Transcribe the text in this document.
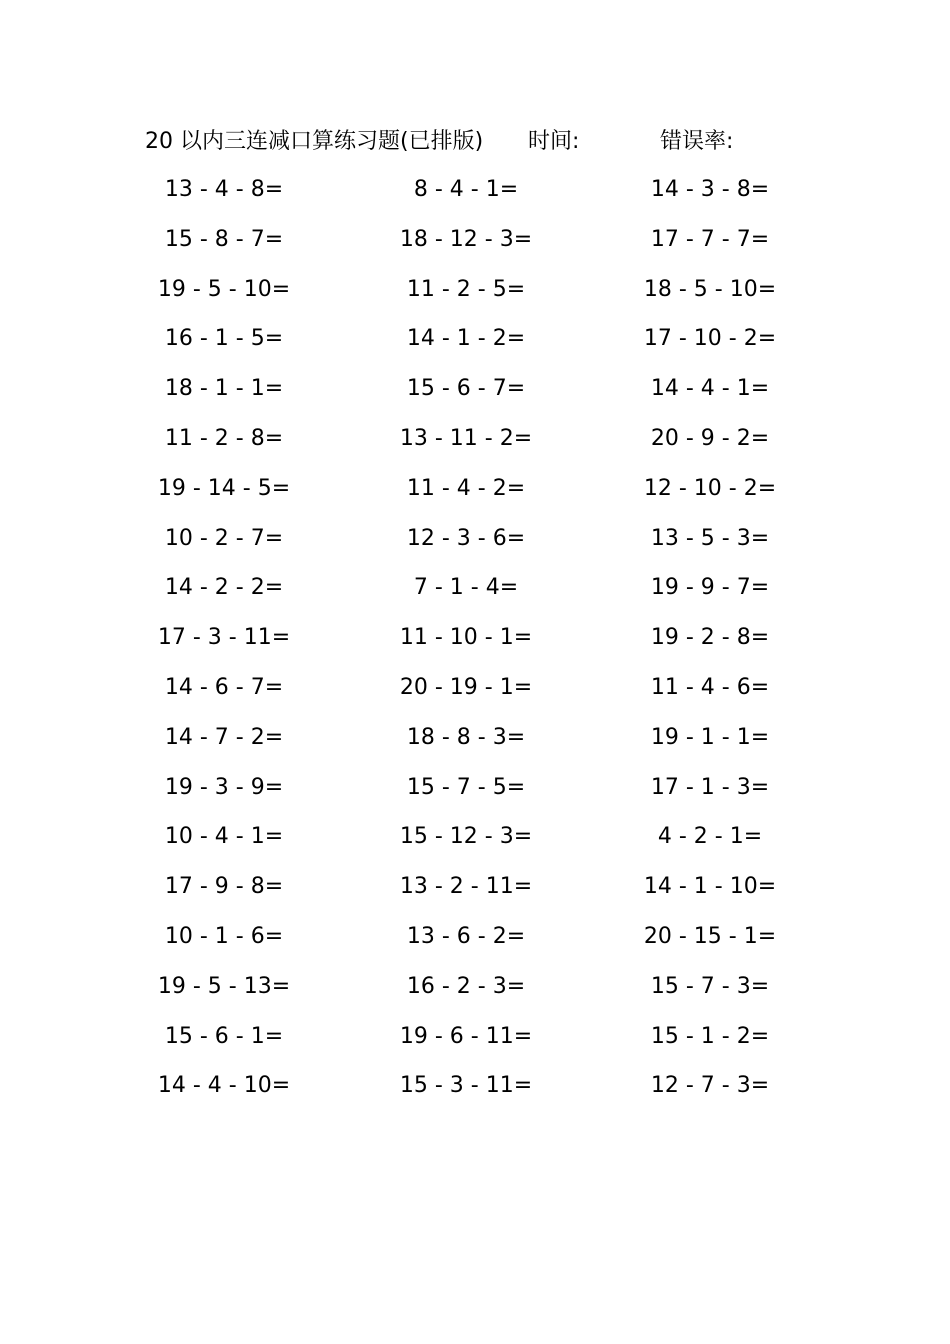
20 以内三连减口算练习题(已排版) 时间:	错误率:
13 - 4 - 8=
15 - 8 - 7=
19 - 5 - 10=
16 - 1 - 5=
18 - 1 - 1=
11 - 2 - 8=
19 - 14 - 5=
10 - 2 - 7=
14 - 2 - 2=
17 - 3 - 11=
14 - 6 - 7=
14 - 7 - 2=
19 - 3 - 9=
10 - 4 - 1=
17 - 9 - 8=
10 - 1 - 6=
19 - 5 - 13=
15 - 6 - 1=
14 - 4 - 10=
8 - 4 - 1=
18 - 12 - 3=
11 - 2 - 5=
14 - 1 - 2=
15 - 6 - 7=
13 - 11 - 2=
11 - 4 - 2=
12 - 3 - 6=
7 - 1 - 4=
11 - 10 - 1=
20 - 19 - 1=
18 - 8 - 3=
15 - 7 - 5=
15 - 12 - 3=
13 - 2 - 11=
13 - 6 - 2=
16 - 2 - 3=
19 - 6 - 11=
15 - 3 - 11=
14 - 3 - 8=
17 - 7 - 7=
18 - 5 - 10=
17 - 10 - 2=
14 - 4 - 1=
20 - 9 - 2=
12 - 10 - 2=
13 - 5 - 3=
19 - 9 - 7=
19 - 2 - 8=
11 - 4 - 6=
19 - 1 - 1=
17 - 1 - 3=
4 - 2 - 1=
14 - 1 - 10=
20 - 15 - 1=
15 - 7 - 3=
15 - 1 - 2=
12 - 7 - 3=
